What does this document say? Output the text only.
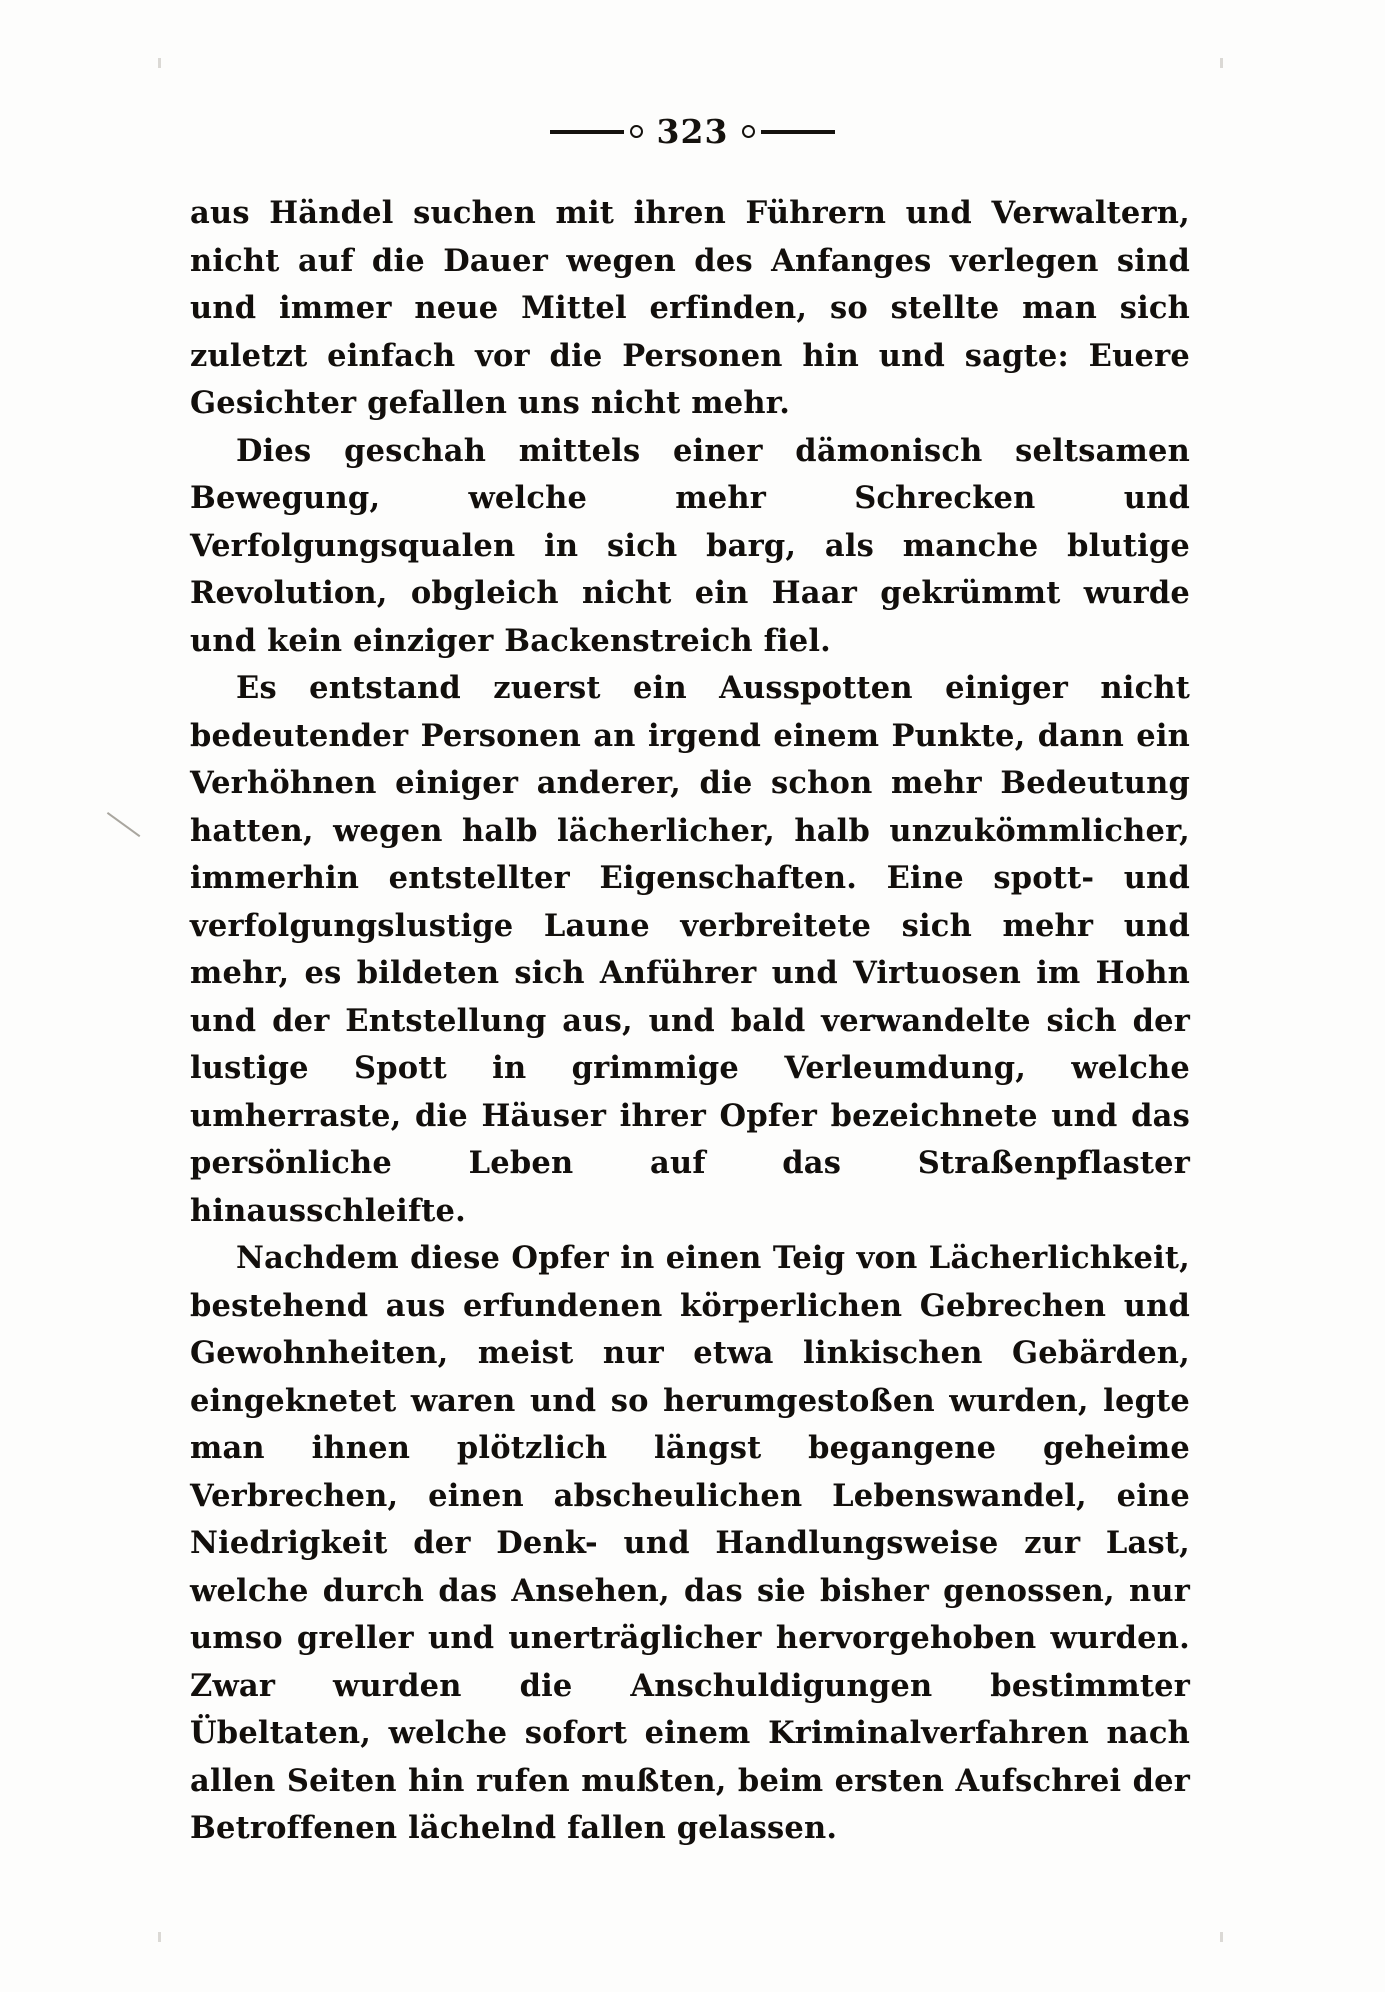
323

aus Händel suchen mit ihren Führern und Verwaltern, nicht auf die Dauer wegen des Anfanges verlegen sind und immer neue Mittel erfinden, so stellte man sich zuletzt einfach vor die Personen hin und sagte: Euere Gesichter gefallen uns nicht mehr.

Dies geschah mittels einer dämonisch seltsamen Bewegung, welche mehr Schrecken und Verfolgungsqualen in sich barg, als manche blutige Revolution, obgleich nicht ein Haar gekrümmt wurde und kein einziger Backenstreich fiel.

Es entstand zuerst ein Ausspotten einiger nicht bedeutender Personen an irgend einem Punkte, dann ein Verhöhnen einiger anderer, die schon mehr Bedeutung hatten, wegen halb lächerlicher, halb unzukömmlicher, immerhin entstellter Eigenschaften. Eine spott- und verfolgungslustige Laune verbreitete sich mehr und mehr, es bildeten sich Anführer und Virtuosen im Hohn und der Entstellung aus, und bald verwandelte sich der lustige Spott in grimmige Verleumdung, welche umherraste, die Häuser ihrer Opfer bezeichnete und das persönliche Leben auf das Straßenpflaster hinausschleifte.

Nachdem diese Opfer in einen Teig von Lächerlichkeit, bestehend aus erfundenen körperlichen Gebrechen und Gewohnheiten, meist nur etwa linkischen Gebärden, eingeknetet waren und so herumgestoßen wurden, legte man ihnen plötzlich längst begangene geheime Verbrechen, einen abscheulichen Lebenswandel, eine Niedrigkeit der Denk- und Handlungsweise zur Last, welche durch das Ansehen, das sie bisher genossen, nur umso greller und unerträglicher hervorgehoben wurden. Zwar wurden die Anschuldigungen bestimmter Übeltaten, welche sofort einem Kriminalverfahren nach allen Seiten hin rufen mußten, beim ersten Aufschrei der Betroffenen lächelnd fallen gelassen.
